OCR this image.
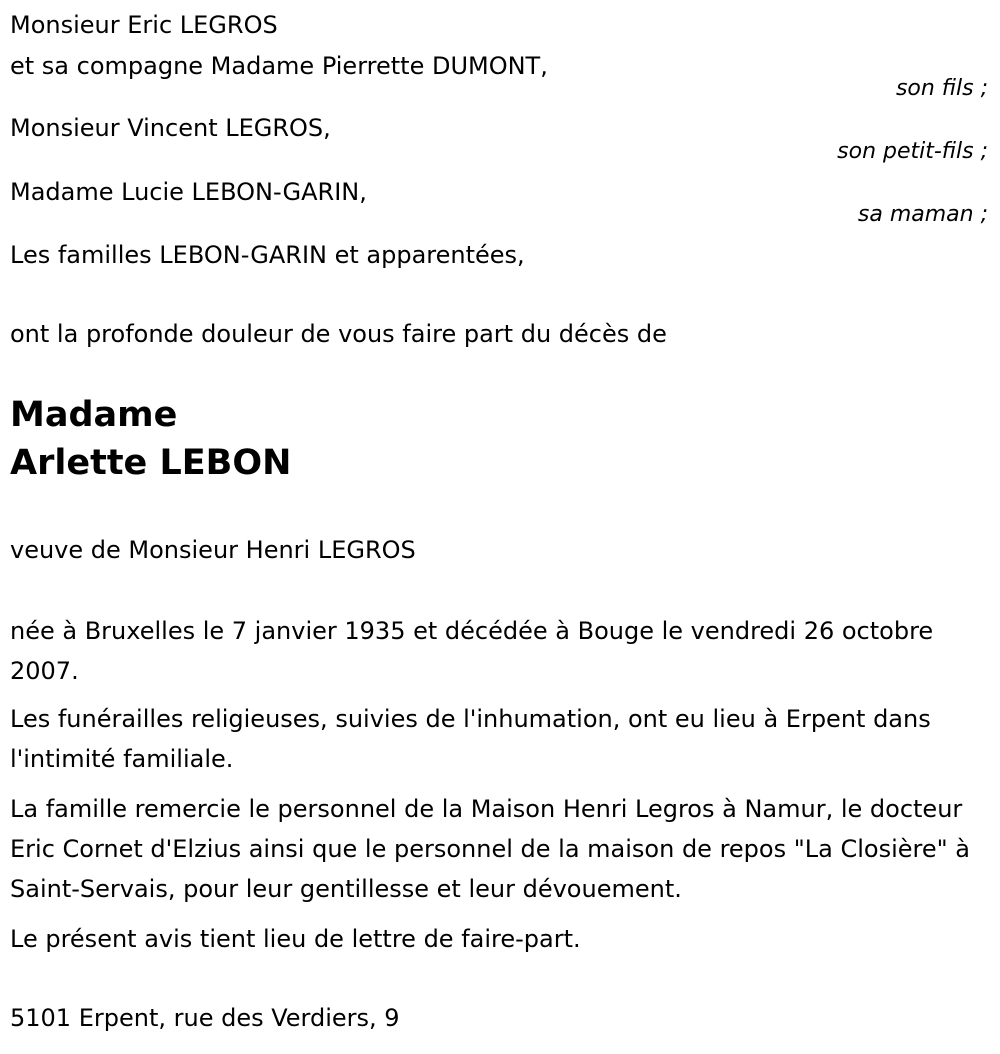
Monsieur Eric LEGROS
et sa compagne Madame Pierrette DUMONT,
son fils ;
Monsieur Vincent LEGROS,
son petit-fils ;
Madame Lucie LEBON-GARIN,
sa maman ;
Les familles LEBON-GARIN et apparentées,
ont la profonde douleur de vous faire part du décès de
Madame
Arlette LEBON
veuve de Monsieur Henri LEGROS
née à Bruxelles le 7 janvier 1935 et décédée à Bouge le vendredi 26 octobre 2007.
Les funérailles religieuses, suivies de l'inhumation, ont eu lieu à Erpent dans l'intimité familiale.
La famille remercie le personnel de la Maison Henri Legros à Namur, le docteur Eric Cornet d'Elzius ainsi que le personnel de la maison de repos "La Closière" à Saint-Servais, pour leur gentillesse et leur dévouement.
Le présent avis tient lieu de lettre de faire-part.
5101 Erpent, rue des Verdiers, 9
